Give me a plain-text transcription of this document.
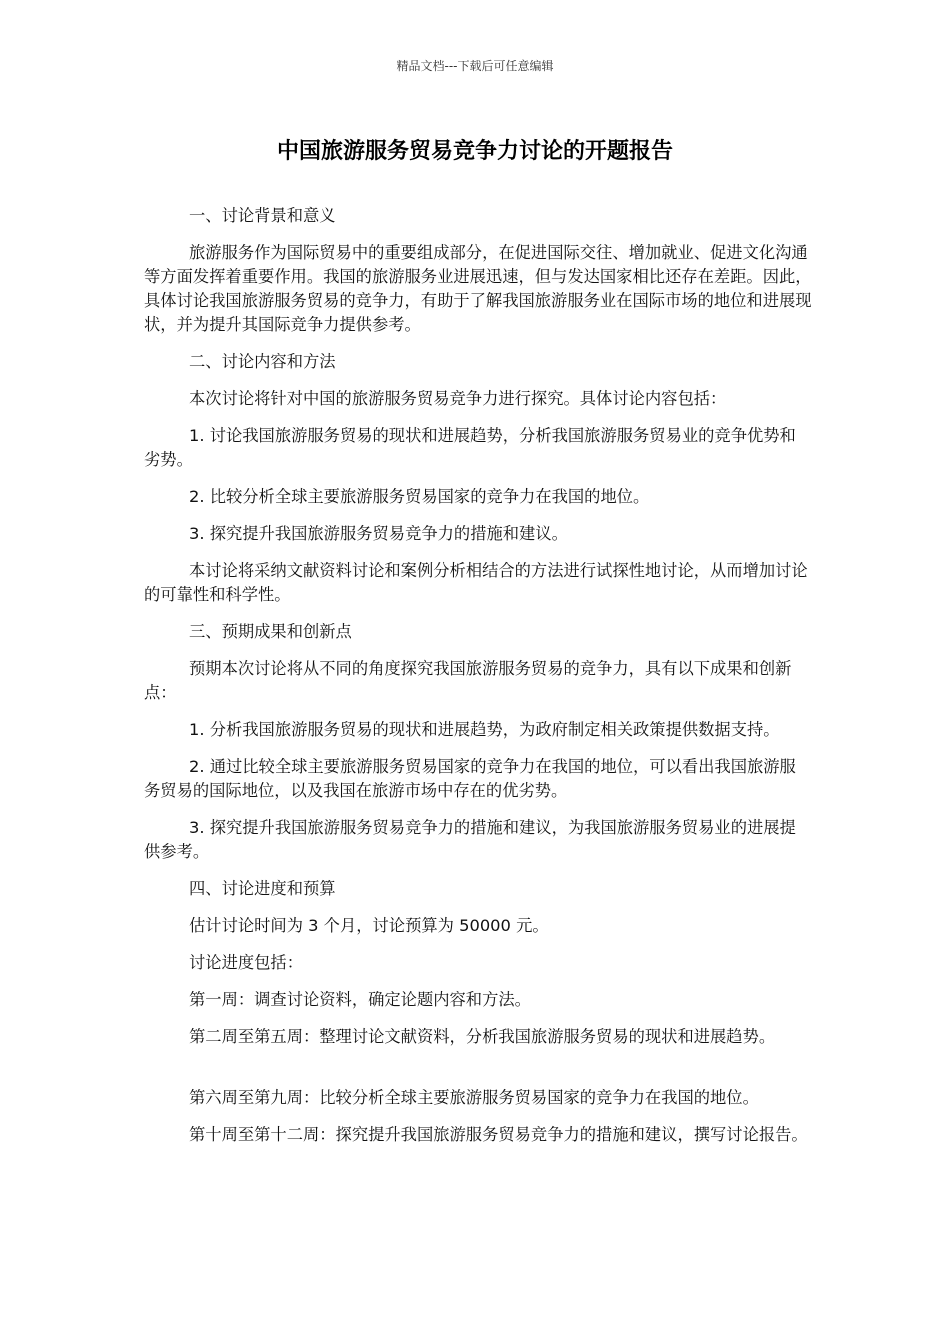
精品文档---下载后可任意编辑
中国旅游服务贸易竞争力讨论的开题报告

一、讨论背景和意义

旅游服务作为国际贸易中的重要组成部分，在促进国际交往、增加就业、促进文化沟通等方面发挥着重要作用。我国的旅游服务业进展迅速，但与发达国家相比还存在差距。因此，具体讨论我国旅游服务贸易的竞争力，有助于了解我国旅游服务业在国际市场的地位和进展现状，并为提升其国际竞争力提供参考。

二、讨论内容和方法

本次讨论将针对中国的旅游服务贸易竞争力进行探究。具体讨论内容包括：

1. 讨论我国旅游服务贸易的现状和进展趋势，分析我国旅游服务贸易业的竞争优势和劣势。

2. 比较分析全球主要旅游服务贸易国家的竞争力在我国的地位。

3. 探究提升我国旅游服务贸易竞争力的措施和建议。

本讨论将采纳文献资料讨论和案例分析相结合的方法进行试探性地讨论，从而增加讨论的可靠性和科学性。

三、预期成果和创新点

预期本次讨论将从不同的角度探究我国旅游服务贸易的竞争力，具有以下成果和创新点：

1. 分析我国旅游服务贸易的现状和进展趋势，为政府制定相关政策提供数据支持。

2. 通过比较全球主要旅游服务贸易国家的竞争力在我国的地位，可以看出我国旅游服务贸易的国际地位，以及我国在旅游市场中存在的优劣势。

3. 探究提升我国旅游服务贸易竞争力的措施和建议，为我国旅游服务贸易业的进展提供参考。

四、讨论进度和预算

估计讨论时间为 3 个月，讨论预算为 50000 元。

讨论进度包括：

第一周：调查讨论资料，确定论题内容和方法。

第二周至第五周：整理讨论文献资料，分析我国旅游服务贸易的现状和进展趋势。

第六周至第九周：比较分析全球主要旅游服务贸易国家的竞争力在我国的地位。

第十周至第十二周：探究提升我国旅游服务贸易竞争力的措施和建议，撰写讨论报告。
